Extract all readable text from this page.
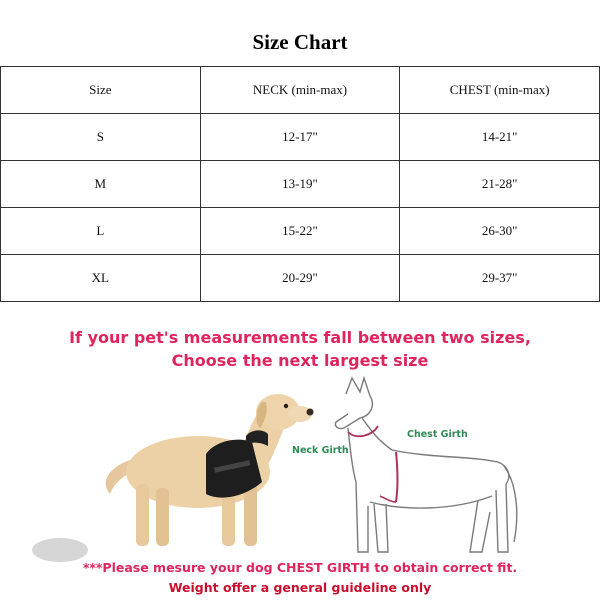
Size Chart
Size	NECK (min-max)	CHEST (min-max)
S	12-17"	14-21"
M	13-19"	21-28"
L	15-22"	26-30"
XL	20-29"	29-37"
If your pet's measurements fall between two sizes,
Choose the next largest size
Neck Girth
Chest Girth
***Please mesure your dog CHEST GIRTH to obtain correct fit.
Weight offer a general guideline only
